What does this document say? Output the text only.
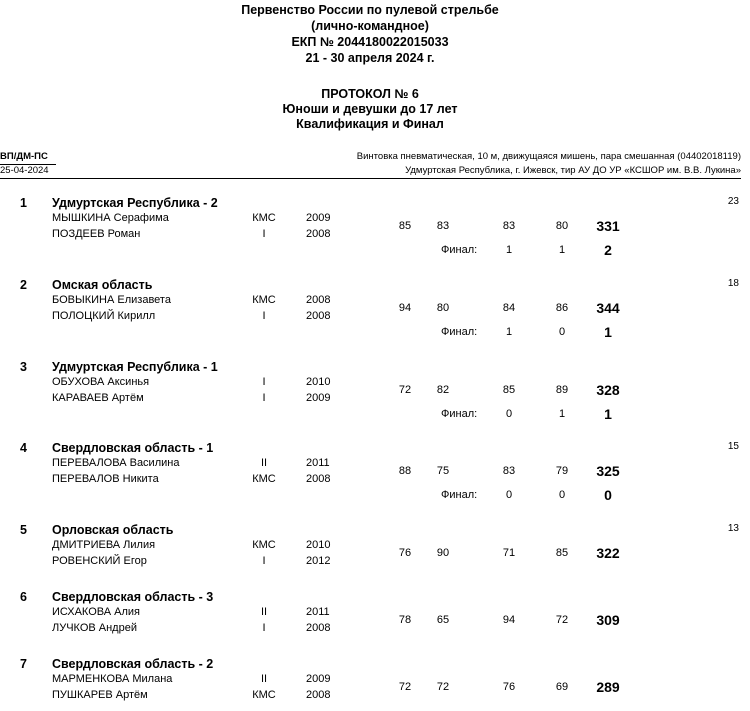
Первенство России по пулевой стрельбе
(лично-командное)
ЕКП № 2044180022015033
21 - 30 апреля 2024 г.
ПРОТОКОЛ № 6
Юноши и девушки до 17 лет
Квалификация и Финал
ВП/ДМ-ПС
25-04-2024
Винтовка пневматическая, 10 м, движущаяся мишень, пара смешанная (04402018119)
Удмуртская Республика, г. Ижевск, тир АУ ДО УР «КСШОР им. В.В. Лукина»
1 Удмуртская Республика - 2	23
МЫШКИНА Серафима	КМС	2009
ПОЗДЕЕВ Роман	I	2008
85	83	83	80	331
Финал:	1	1	2
2 Омская область	18
БОВЫКИНА Елизавета	КМС	2008
ПОЛОЦКИЙ Кирилл	I	2008
94	80	84	86	344
Финал:	1	0	1
3 Удмуртская Республика - 1
ОБУХОВА Аксинья	I	2010
КАРАВАЕВ Артём	I	2009
72	82	85	89	328
Финал:	0	1	1
4 Свердловская область - 1	15
ПЕРЕВАЛОВА Василина	II	2011
ПЕРЕВАЛОВ Никита	КМС	2008
88	75	83	79	325
Финал:	0	0	0
5 Орловская область	13
ДМИТРИЕВА Лилия	КМС	2010
РОВЕНСКИЙ Егор	I	2012
76	90	71	85	322
6 Свердловская область - 3
ИСХАКОВА Алия	II	2011
ЛУЧКОВ Андрей	I	2008
78	65	94	72	309
7 Свердловская область - 2
МАРМЕНКОВА Милана	II	2009
ПУШКАРЕВ Артём	КМС	2008
72	72	76	69	289
